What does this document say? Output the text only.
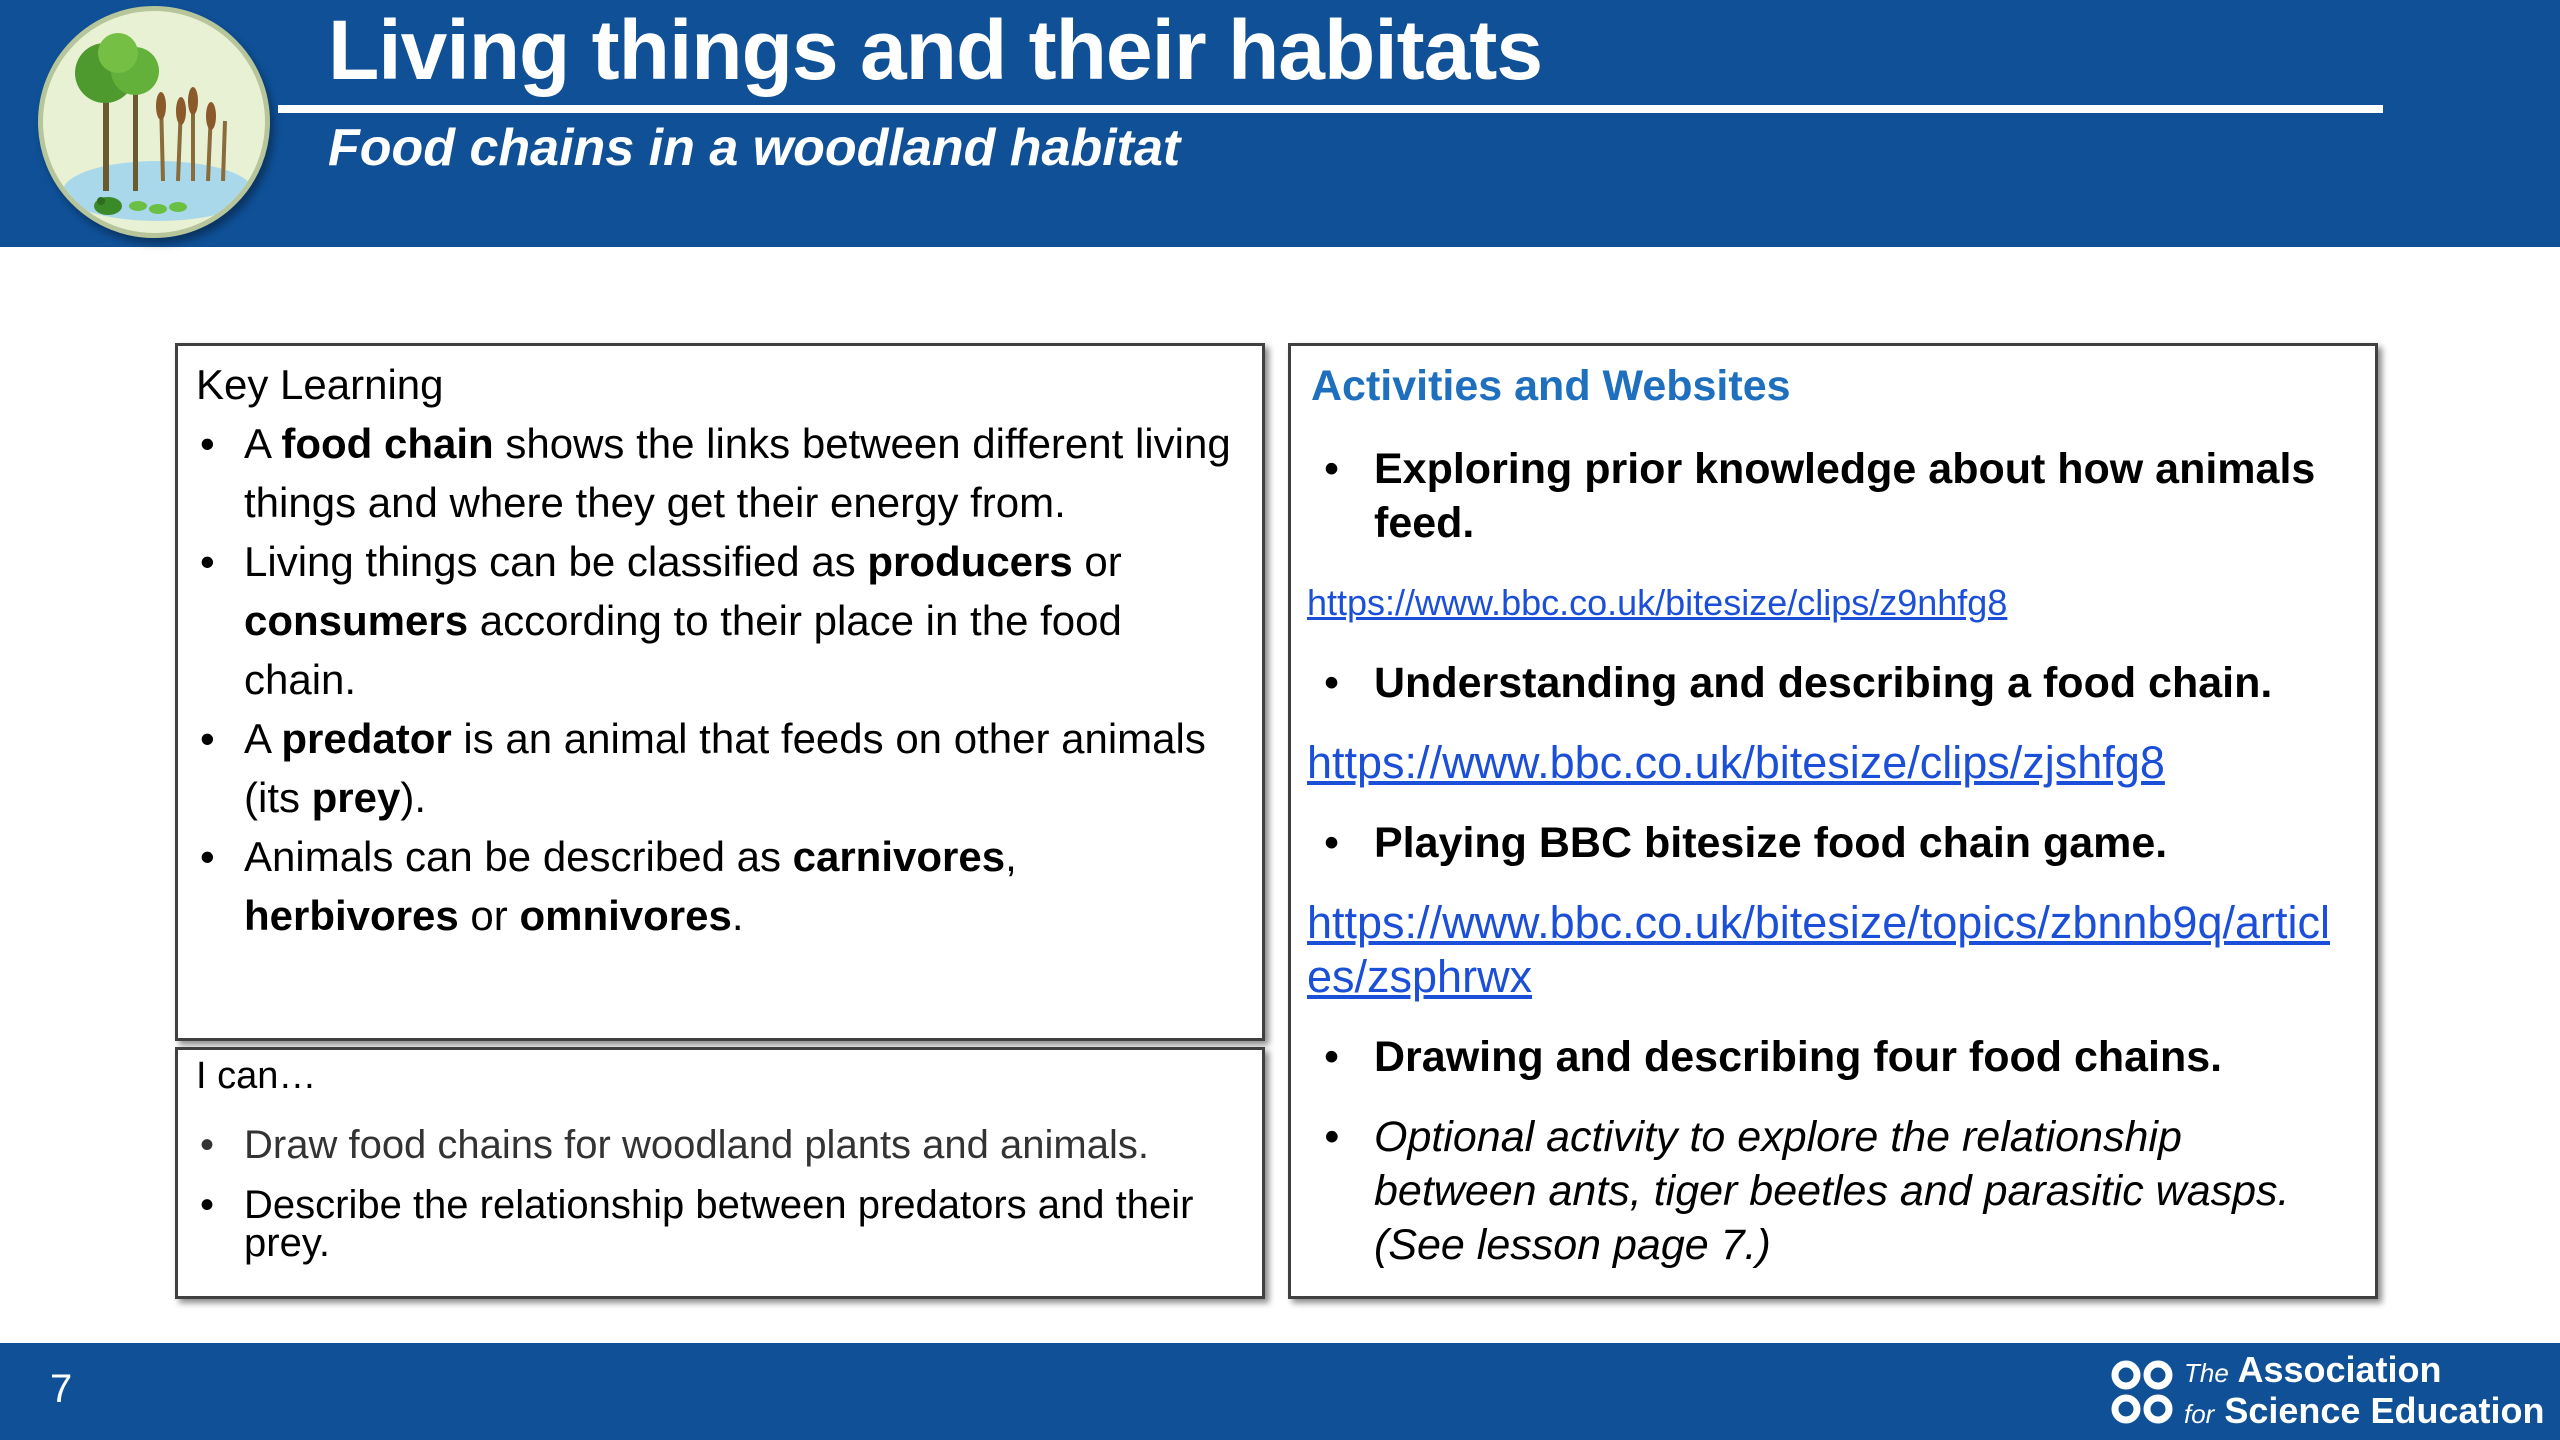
Living things and their habitats
Food chains in a woodland habitat
Key Learning
• A food chain shows the links between different living things and where they get their energy from.
• Living things can be classified as producers or consumers according to their place in the food chain.
• A predator is an animal that feeds on other animals (its prey).
• Animals can be described as carnivores, herbivores or omnivores.
I can…
• Draw food chains for woodland plants and animals.
• Describe the relationship between predators and their prey.
Activities and Websites
• Exploring prior knowledge about how animals feed.
https://www.bbc.co.uk/bitesize/clips/z9nhfg8
• Understanding and describing a food chain.
https://www.bbc.co.uk/bitesize/clips/zjshfg8
• Playing BBC bitesize food chain game.
https://www.bbc.co.uk/bitesize/topics/zbnnb9q/articles/zsphrwx
• Drawing and describing four food chains.
• Optional activity to explore the relationship between ants, tiger beetles and parasitic wasps. (See lesson page 7.)
7	The Association
for Science Education
